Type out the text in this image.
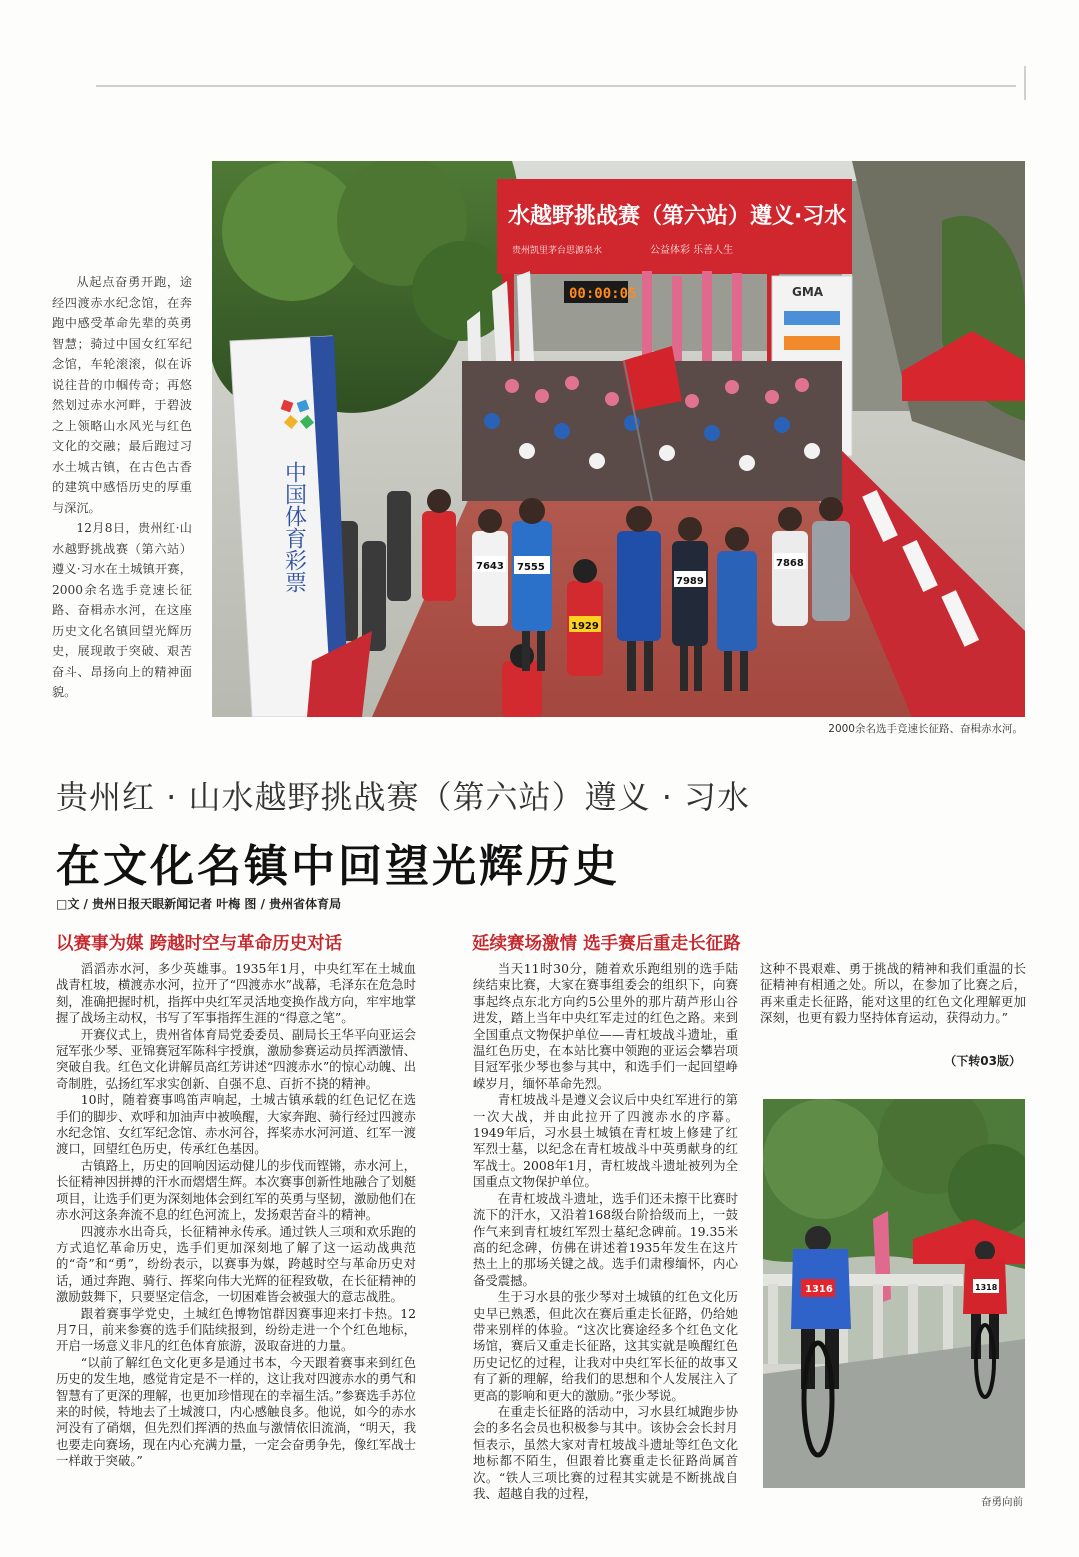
从起点奋勇开跑，途经四渡赤水纪念馆，在奔跑中感受革命先辈的英勇智慧；骑过中国女红军纪念馆，车轮滚滚，似在诉说往昔的巾帼传奇；再悠然划过赤水河畔，于碧波之上领略山水风光与红色文化的交融；最后跑过习水土城古镇，在古色古香的建筑中感悟历史的厚重与深沉。

12月8日，贵州红·山水越野挑战赛（第六站）遵义·习水在土城镇开赛，2000余名选手竞速长征路、奋楫赤水河，在这座历史文化名镇回望光辉历史，展现敢于突破、艰苦奋斗、昂扬向上的精神面貌。

水越野挑战赛（第六站）遵义·习水
贵州凯里茅台思源泉水	公益体彩 乐善人生
00:00:05	GMA
7555
7643	7868
1929
7989
中国体育彩票
2000余名选手竞速长征路、奋楫赤水河。
贵州红 · 山水越野挑战赛（第六站）遵义 · 习水
在文化名镇中回望光辉历史
□文 / 贵州日报天眼新闻记者 叶梅 图 / 贵州省体育局
以赛事为媒 跨越时空与革命历史对话	延续赛场激情 选手赛后重走长征路

滔滔赤水河，多少英雄事。1935年1月，中央红军在土城血战青杠坡，横渡赤水河，拉开了“四渡赤水”战幕，毛泽东在危急时刻，准确把握时机，指挥中央红军灵活地变换作战方向，牢牢地掌握了战场主动权，书写了军事指挥生涯的“得意之笔”。

开赛仪式上，贵州省体育局党委委员、副局长王华平向亚运会冠军张少琴、亚锦赛冠军陈科宇授旗，激励参赛运动员挥洒激情、突破自我。红色文化讲解员高红芳讲述“四渡赤水”的惊心动魄、出奇制胜，弘扬红军求实创新、自强不息、百折不挠的精神。

10时，随着赛事鸣笛声响起，土城古镇承载的红色记忆在选手们的脚步、欢呼和加油声中被唤醒，大家奔跑、骑行经过四渡赤水纪念馆、女红军纪念馆、赤水河谷，挥桨赤水河河道、红军一渡渡口，回望红色历史，传承红色基因。

古镇路上，历史的回响因运动健儿的步伐而铿锵，赤水河上，长征精神因拼搏的汗水而熠熠生辉。本次赛事创新性地融合了划艇项目，让选手们更为深刻地体会到红军的英勇与坚韧，激励他们在赤水河这条奔流不息的红色河流上，发扬艰苦奋斗的精神。

四渡赤水出奇兵，长征精神永传承。通过铁人三项和欢乐跑的方式追忆革命历史，选手们更加深刻地了解了这一运动战典范的“奇”和“勇”，纷纷表示，以赛事为媒，跨越时空与革命历史对话，通过奔跑、骑行、挥桨向伟大光辉的征程致敬，在长征精神的激励鼓舞下，只要坚定信念，一切困难皆会被强大的意志战胜。

跟着赛事学党史，土城红色博物馆群因赛事迎来打卡热。12月7日，前来参赛的选手们陆续报到，纷纷走进一个个红色地标，开启一场意义非凡的红色体育旅游，汲取奋进的力量。

“以前了解红色文化更多是通过书本，今天跟着赛事来到红色历史的发生地，感觉肯定是不一样的，这让我对四渡赤水的勇气和智慧有了更深的理解，也更加珍惜现在的幸福生活。”参赛选手苏位来的时候，特地去了土城渡口，内心感触良多。他说，如今的赤水河没有了硝烟，但先烈们挥洒的热血与激情依旧流淌，“明天，我也要走向赛场，现在内心充满力量，一定会奋勇争先，像红军战士一样敢于突破。”

当天11时30分，随着欢乐跑组别的选手陆续结束比赛，大家在赛事组委会的组织下，向赛事起终点东北方向约5公里外的那片葫芦形山谷进发，踏上当年中央红军走过的红色之路。来到全国重点文物保护单位——青杠坡战斗遗址，重温红色历史，在本站比赛中领跑的亚运会攀岩项目冠军张少琴也参与其中，和选手们一起回望峥嵘岁月，缅怀革命先烈。

青杠坡战斗是遵义会议后中央红军进行的第一次大战，并由此拉开了四渡赤水的序幕。1949年后，习水县土城镇在青杠坡上修建了红军烈士墓，以纪念在青杠坡战斗中英勇献身的红军战士。2008年1月，青杠坡战斗遗址被列为全国重点文物保护单位。

在青杠坡战斗遗址，选手们还未擦干比赛时流下的汗水，又沿着168级台阶拾级而上，一鼓作气来到青杠坡红军烈士墓纪念碑前。19.35米高的纪念碑，仿佛在讲述着1935年发生在这片热土上的那场关键之战。选手们肃穆缅怀，内心备受震撼。

生于习水县的张少琴对土城镇的红色文化历史早已熟悉，但此次在赛后重走长征路，仍给她带来别样的体验。“这次比赛途经多个红色文化场馆，赛后又重走长征路，这其实就是唤醒红色历史记忆的过程，让我对中央红军长征的故事又有了新的理解，给我们的思想和个人发展注入了更高的影响和更大的激励。”张少琴说。

在重走长征路的活动中，习水县红城跑步协会的多名会员也积极参与其中。该协会会长封月恒表示，虽然大家对青杠坡战斗遗址等红色文化地标都不陌生，但跟着比赛重走长征路尚属首次。“铁人三项比赛的过程其实就是不断挑战自我、超越自我的过程，

这种不畏艰难、勇于挑战的精神和我们重温的长征精神有相通之处。所以，在参加了比赛之后，再来重走长征路，能对这里的红色文化理解更加深刻，也更有毅力坚持体育运动，获得动力。”

（下转03版）
1316	1318
奋勇向前
